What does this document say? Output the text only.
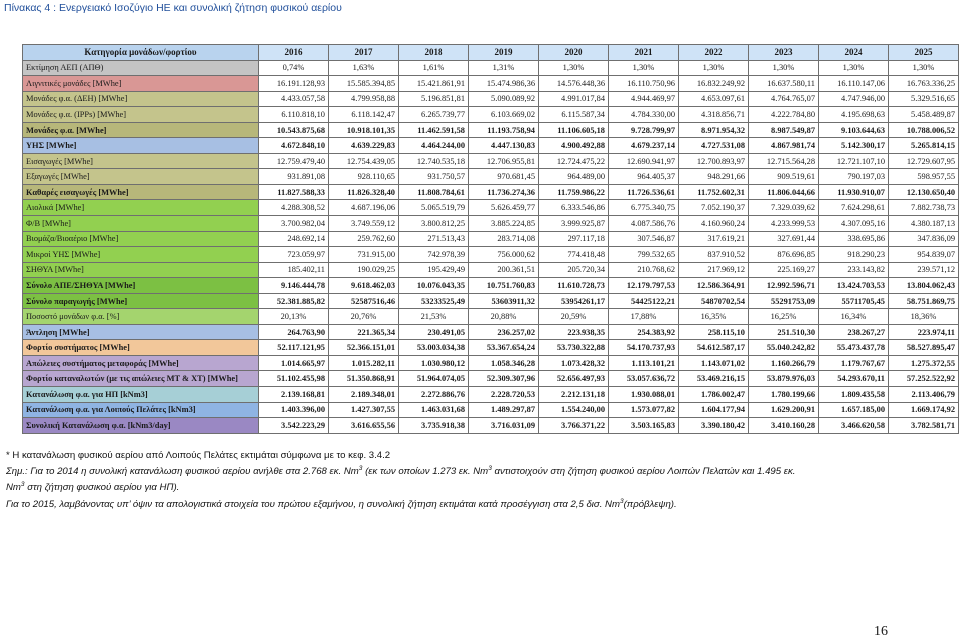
Πίνακας 4 : Ενεργειακό Ισοζύγιο ΗΕ και συνολική ζήτηση φυσικού αερίου
Κατηγορία μονάδων/φορτίου	2016	2017	2018	2019	2020	2021	2022	2023	2024	2025
Εκτίμηση ΑΕΠ (ΑΠΘ)	0,74%	1,63%	1,61%	1,31%	1,30%	1,30%	1,30%	1,30%	1,30%	1,30%
Λιγνιτικές μονάδες [MWhe]	16.191.128,93	15.585.394,85	15.421.861,91	15.474.986,36	14.576.448,36	16.110.750,96	16.832.249,92	16.637.580,11	16.110.147,06	16.763.336,25
Μονάδες φ.α. (ΔΕΗ) [MWhe]	4.433.057,58	4.799.958,88	5.196.851,81	5.090.089,92	4.991.017,84	4.944.469,97	4.653.097,61	4.764.765,07	4.747.946,00	5.329.516,65
Μονάδες φ.α. (IPPs) [MWhe]	6.110.818,10	6.118.142,47	6.265.739,77	6.103.669,02	6.115.587,34	4.784.330,00	4.318.856,71	4.222.784,80	4.195.698,63	5.458.489,87
Μονάδες φ.α. [MWhe]	10.543.875,68	10.918.101,35	11.462.591,58	11.193.758,94	11.106.605,18	9.728.799,97	8.971.954,32	8.987.549,87	9.103.644,63	10.788.006,52
ΥΗΣ [MWhe]	4.672.848,10	4.639.229,83	4.464.244,00	4.447.130,83	4.900.492,88	4.679.237,14	4.727.531,08	4.867.981,74	5.142.300,17	5.265.814,15
Εισαγωγές [MWhe]	12.759.479,40	12.754.439,05	12.740.535,18	12.706.955,81	12.724.475,22	12.690.941,97	12.700.893,97	12.715.564,28	12.721.107,10	12.729.607,95
Εξαγωγές [MWhe]	931.891,08	928.110,65	931.750,57	970.681,45	964.489,00	964.405,37	948.291,66	909.519,61	790.197,03	598.957,55
Καθαρές εισαγωγές [MWhe]	11.827.588,33	11.826.328,40	11.808.784,61	11.736.274,36	11.759.986,22	11.726.536,61	11.752.602,31	11.806.044,66	11.930.910,07	12.130.650,40
Αιολικά [MWhe]	4.288.308,52	4.687.196,06	5.065.519,79	5.626.459,77	6.333.546,86	6.775.340,75	7.052.190,37	7.329.039,62	7.624.298,61	7.882.738,73
Φ/Β [MWhe]	3.700.982,04	3.749.559,12	3.800.812,25	3.885.224,85	3.999.925,87	4.087.586,76	4.160.960,24	4.233.999,53	4.307.095,16	4.380.187,13
Βιομάζα/Βιοαέριο [MWhe]	248.692,14	259.762,60	271.513,43	283.714,08	297.117,18	307.546,87	317.619,21	327.691,44	338.695,86	347.836,09
Μικροί ΥΗΣ [MWhe]	723.059,97	731.915,00	742.978,39	756.000,62	774.418,48	799.532,65	837.910,52	876.696,85	918.290,23	954.839,07
ΣΗΘΥΑ [MWhe]	185.402,11	190.029,25	195.429,49	200.361,51	205.720,34	210.768,62	217.969,12	225.169,27	233.143,82	239.571,12
Σύνολο ΑΠΕ/ΣΗΘΥΑ [MWhe]	9.146.444,78	9.618.462,03	10.076.043,35	10.751.760,83	11.610.728,73	12.179.797,53	12.586.364,91	12.992.596,71	13.424.703,53	13.804.062,43
Σύνολο παραγωγής [MWhe]	52.381.885,82	52587516,46	53233525,49	53603911,32	53954261,17	54425122,21	54870702,54	55291753,09	55711705,45	58.751.869,75
Ποσοστό μονάδων φ.α. [%]	20,13%	20,76%	21,53%	20,88%	20,59%	17,88%	16,35%	16,25%	16,34%	18,36%
Άντληση [MWhe]	264.763,90	221.365,34	230.491,05	236.257,02	223.938,35	254.383,92	258.115,10	251.510,30	238.267,27	223.974,11
Φορτίο συστήματος [MWhe]	52.117.121,95	52.366.151,01	53.003.034,38	53.367.654,24	53.730.322,88	54.170.737,93	54.612.587,17	55.040.242,82	55.473.437,78	58.527.895,47
Απώλειες συστήματος μεταφοράς [MWhe]	1.014.665,97	1.015.282,11	1.030.980,12	1.058.346,28	1.073.428,32	1.113.101,21	1.143.071,02	1.160.266,79	1.179.767,67	1.275.372,55
Φορτίο καταναλωτών (με τις απώλειες ΜΤ & ΧΤ) [MWhe]	51.102.455,98	51.350.868,91	51.964.074,05	52.309.307,96	52.656.497,93	53.057.636,72	53.469.216,15	53.879.976,03	54.293.670,11	57.252.522,92
Κατανάλωση φ.α. για ΗΠ [kNm3]	2.139.168,81	2.189.348,01	2.272.886,76	2.228.720,53	2.212.131,18	1.930.088,01	1.786.002,47	1.780.199,66	1.809.435,58	2.113.406,79
Κατανάλωση φ.α. για Λοιπούς Πελάτες [kNm3]	1.403.396,00	1.427.307,55	1.463.031,68	1.489.297,87	1.554.240,00	1.573.077,82	1.604.177,94	1.629.200,91	1.657.185,00	1.669.174,92
Συνολική Κατανάλωση φ.α. [kNm3/day]	3.542.223,29	3.616.655,56	3.735.918,38	3.716.031,09	3.766.371,22	3.503.165,83	3.390.180,42	3.410.160,28	3.466.620,58	3.782.581,71

* Η κατανάλωση φυσικού αερίου από Λοιπούς Πελάτες εκτιμάται σύμφωνα με το κεφ. 3.4.2

Σημ.: Για το 2014 η συνολική κατανάλωση φυσικού αερίου ανήλθε στα 2.768 εκ. Nm$^3$ (εκ των οποίων 1.273 εκ. Nm$^3$ αντιστοιχούν στη ζήτηση φυσικού αερίου Λοιπών Πελατών και 1.495 εκ.

Nm$^3$ στη ζήτηση φυσικού αερίου για ΗΠ).

Για το 2015, λαμβάνοντας υπ’ όψιν τα απολογιστικά στοιχεία του πρώτου εξαμήνου, η συνολική ζήτηση εκτιμάται κατά προσέγγιση στα 2,5 δισ. Nm$^3$(πρόβλεψη).

16
